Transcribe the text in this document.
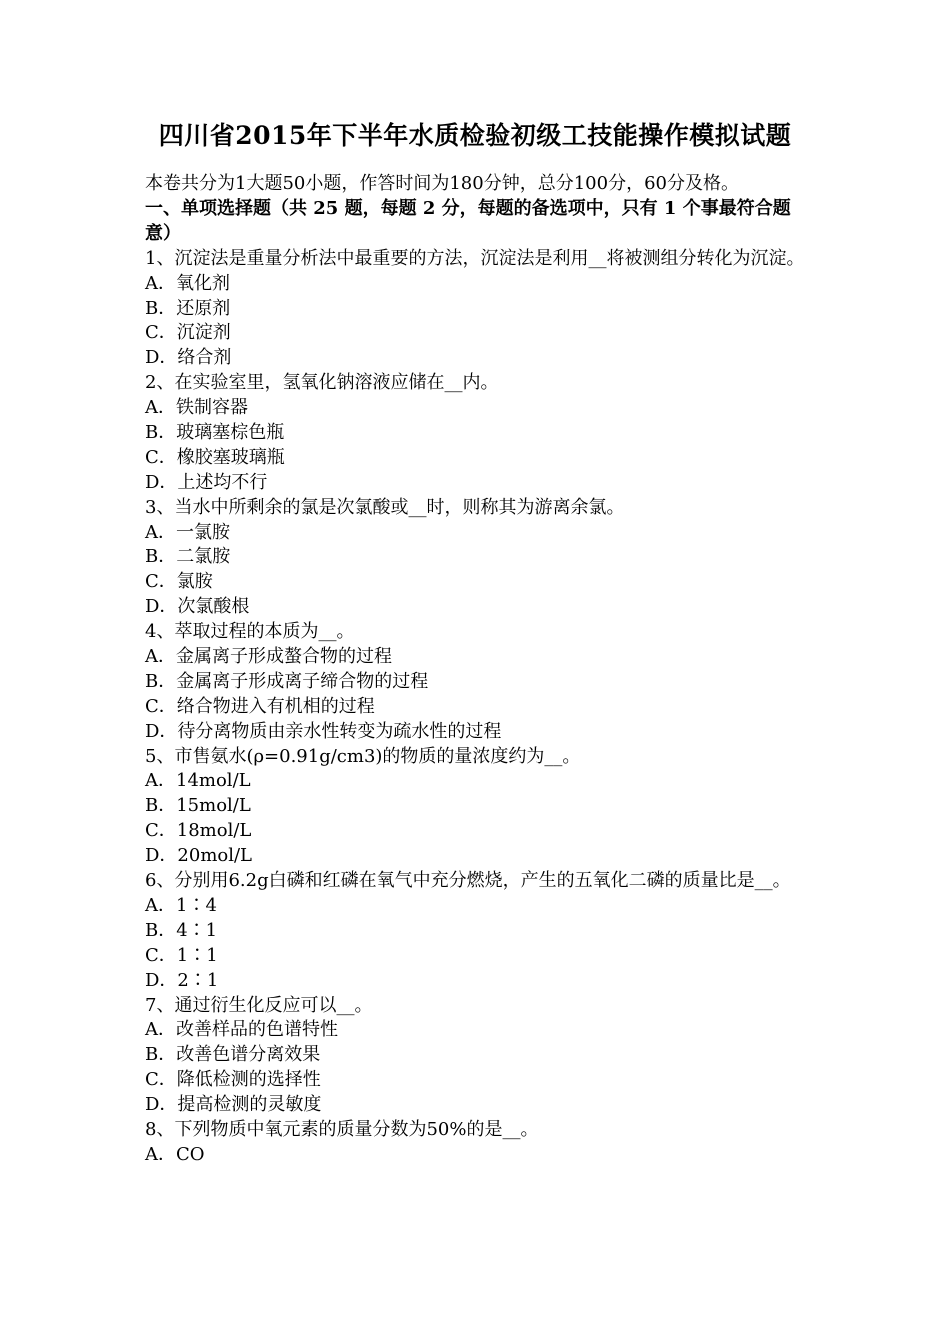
四川省2015年下半年水质检验初级工技能操作模拟试题
本卷共分为1大题50小题，作答时间为180分钟，总分100分，60分及格。
一、单项选择题（共 25 题，每题 2 分，每题的备选项中，只有 1 个事最符合题意）
1、沉淀法是重量分析法中最重要的方法，沉淀法是利用__将被测组分转化为沉淀。
A．氧化剂
B．还原剂
C．沉淀剂
D．络合剂
2、在实验室里，氢氧化钠溶液应储在__内。
A．铁制容器
B．玻璃塞棕色瓶
C．橡胶塞玻璃瓶
D．上述均不行
3、当水中所剩余的氯是次氯酸或__时，则称其为游离余氯。
A．一氯胺
B．二氯胺
C．氯胺
D．次氯酸根
4、萃取过程的本质为__。
A．金属离子形成螯合物的过程
B．金属离子形成离子缔合物的过程
C．络合物进入有机相的过程
D．待分离物质由亲水性转变为疏水性的过程
5、市售氨水(ρ=0.91g/cm3)的物质的量浓度约为__。
A．14mol/L
B．15mol/L
C．18mol/L
D．20mol/L
6、分别用6.2g白磷和红磷在氧气中充分燃烧，产生的五氧化二磷的质量比是__。
A．1∶4
B．4∶1
C．1∶1
D．2∶1
7、通过衍生化反应可以__。
A．改善样品的色谱特性
B．改善色谱分离效果
C．降低检测的选择性
D．提高检测的灵敏度
8、下列物质中氧元素的质量分数为50%的是__。
A．CO
